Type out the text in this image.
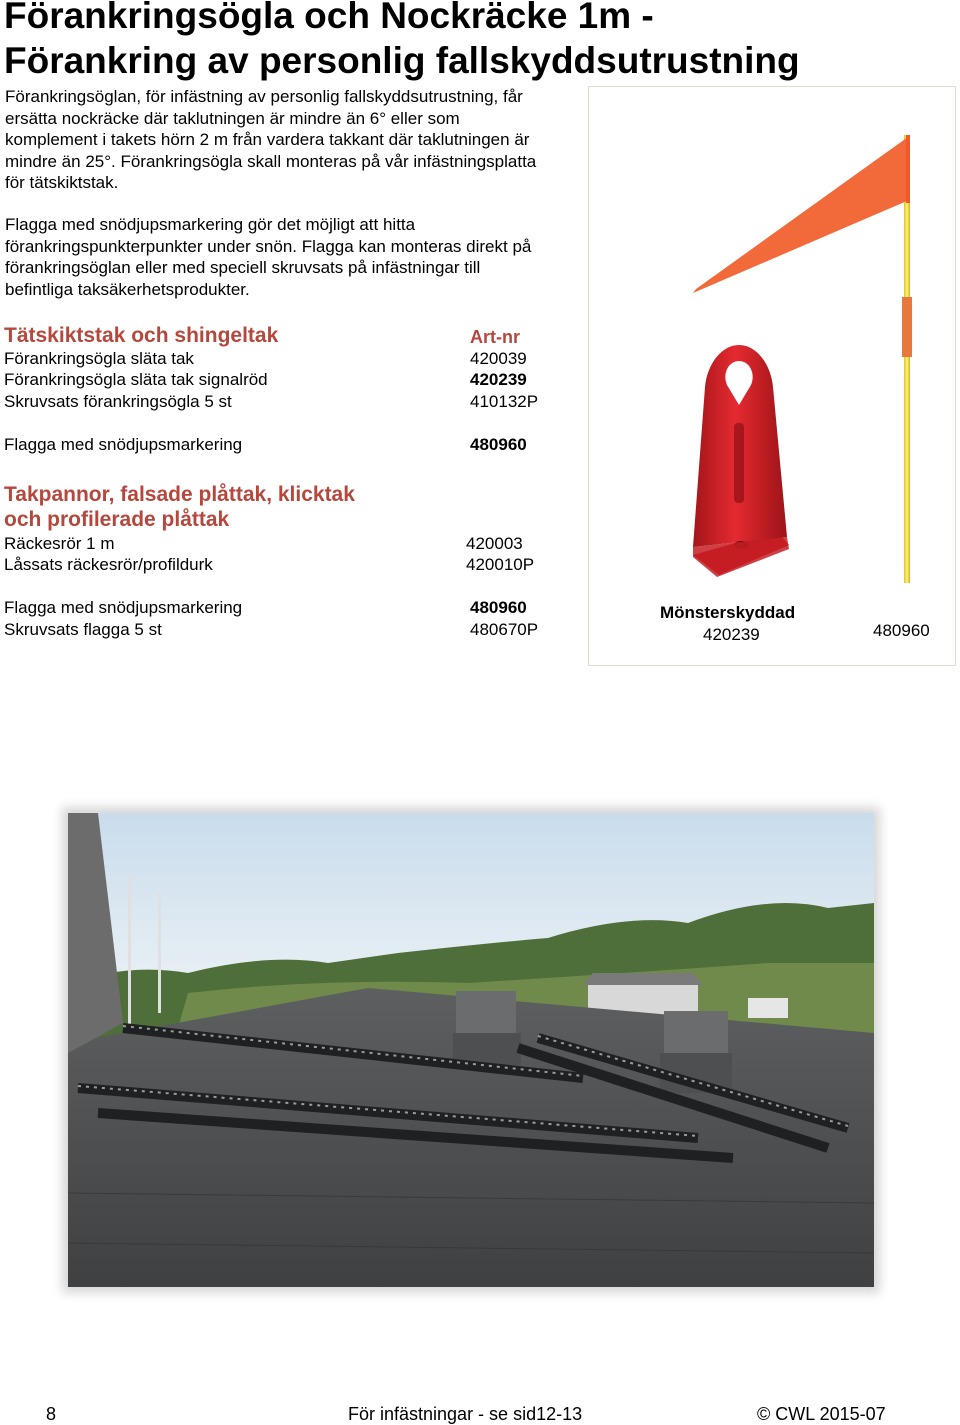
Förankringsögla och Nockräcke 1m -
Förankring av personlig fallskyddsutrustning

Förankringsöglan, för infästning av personlig fallskyddsutrustning, får

ersätta nockräcke där taklutningen är mindre än 6° eller som

komplement i takets hörn 2 m från vardera takkant där taklutningen är

mindre än 25°. Förankringsögla skall monteras på vår infästningsplatta

för tätskiktstak.

Flagga med snödjupsmarkering gör det möjligt att hitta

förankringspunkterpunkter under snön. Flagga kan monteras direkt på

förankringsöglan eller med speciell skruvsats på infästningar till

befintliga taksäkerhetsprodukter.

Tätskiktstak och shingeltak	Art-nr
Förankringsögla släta tak	420039
Förankringsögla släta tak signalröd	420239
Skruvsats förankringsögla 5 st	410132P
Flagga med snödjupsmarkering	480960
Takpannor, falsade plåttak, klicktak
och profilerade plåttak
Räckesrör 1 m	420003
Låssats räckesrör/profildurk	420010P
Flagga med snödjupsmarkering	480960
Skruvsats flagga 5 st	480670P
Mönsterskyddad
420239	480960
8	För infästningar - se sid12-13	© CWL 2015-07
